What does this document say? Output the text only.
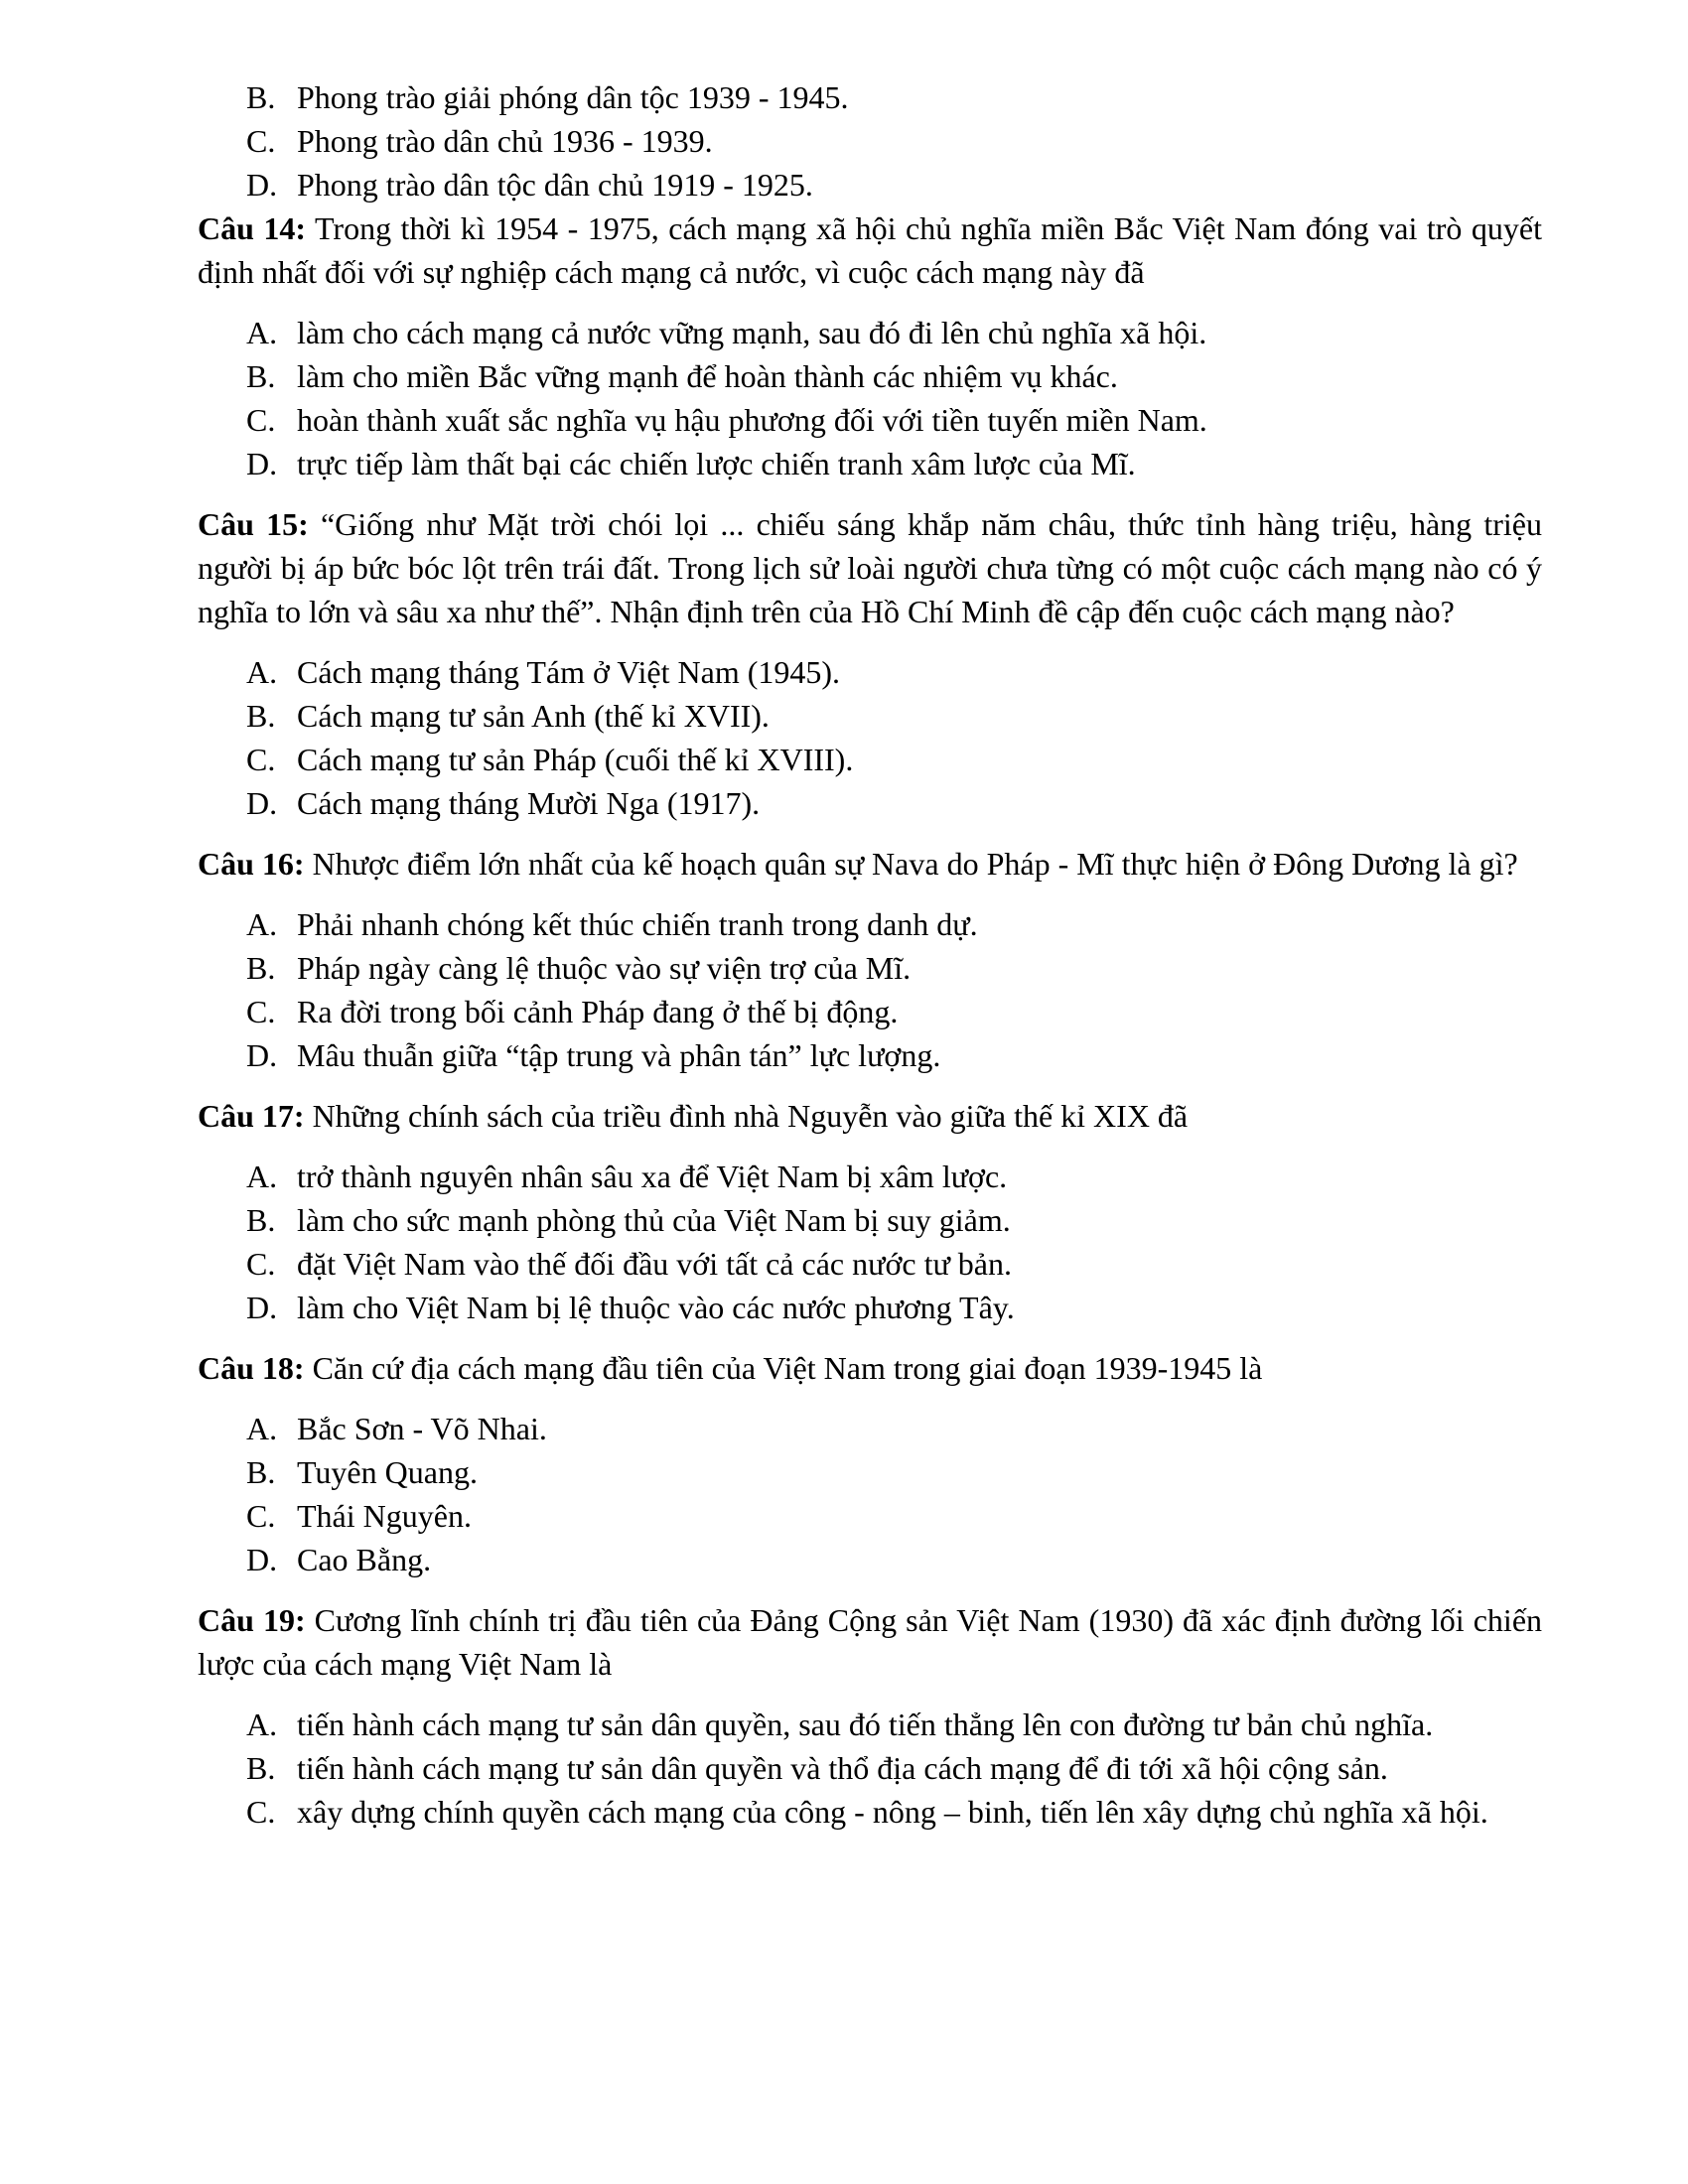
B. Phong trào giải phóng dân tộc 1939 - 1945.
C. Phong trào dân chủ 1936 - 1939.
D. Phong trào dân tộc dân chủ 1919 - 1925.
Câu 14: Trong thời kì 1954 - 1975, cách mạng xã hội chủ nghĩa miền Bắc Việt Nam đóng vai trò quyết định nhất đối với sự nghiệp cách mạng cả nước, vì cuộc cách mạng này đã
A. làm cho cách mạng cả nước vững mạnh, sau đó đi lên chủ nghĩa xã hội.
B. làm cho miền Bắc vững mạnh để hoàn thành các nhiệm vụ khác.
C. hoàn thành xuất sắc nghĩa vụ hậu phương đối với tiền tuyến miền Nam.
D. trực tiếp làm thất bại các chiến lược chiến tranh xâm lược của Mĩ.
Câu 15: “Giống như Mặt trời chói lọi ... chiếu sáng khắp năm châu, thức tỉnh hàng triệu, hàng triệu người bị áp bức bóc lột trên trái đất. Trong lịch sử loài người chưa từng có một cuộc cách mạng nào có ý nghĩa to lớn và sâu xa như thế”. Nhận định trên của Hồ Chí Minh đề cập đến cuộc cách mạng nào?
A. Cách mạng tháng Tám ở Việt Nam (1945).
B. Cách mạng tư sản Anh (thế kỉ XVII).
C. Cách mạng tư sản Pháp (cuối thế kỉ XVIII).
D. Cách mạng tháng Mười Nga (1917).
Câu 16: Nhược điểm lớn nhất của kế hoạch quân sự Nava do Pháp - Mĩ thực hiện ở Đông Dương là gì?
A. Phải nhanh chóng kết thúc chiến tranh trong danh dự.
B. Pháp ngày càng lệ thuộc vào sự viện trợ của Mĩ.
C. Ra đời trong bối cảnh Pháp đang ở thế bị động.
D. Mâu thuẫn giữa “tập trung và phân tán” lực lượng.
Câu 17: Những chính sách của triều đình nhà Nguyễn vào giữa thế kỉ XIX đã
A. trở thành nguyên nhân sâu xa để Việt Nam bị xâm lược.
B. làm cho sức mạnh phòng thủ của Việt Nam bị suy giảm.
C. đặt Việt Nam vào thế đối đầu với tất cả các nước tư bản.
D. làm cho Việt Nam bị lệ thuộc vào các nước phương Tây.
Câu 18: Căn cứ địa cách mạng đầu tiên của Việt Nam trong giai đoạn 1939-1945 là
A. Bắc Sơn - Võ Nhai.
B. Tuyên Quang.
C. Thái Nguyên.
D. Cao Bằng.
Câu 19: Cương lĩnh chính trị đầu tiên của Đảng Cộng sản Việt Nam (1930) đã xác định đường lối chiến lược của cách mạng Việt Nam là
A. tiến hành cách mạng tư sản dân quyền, sau đó tiến thẳng lên con đường tư bản chủ nghĩa.
B. tiến hành cách mạng tư sản dân quyền và thổ địa cách mạng để đi tới xã hội cộng sản.
C. xây dựng chính quyền cách mạng của công - nông – binh, tiến lên xây dựng chủ nghĩa xã hội.
